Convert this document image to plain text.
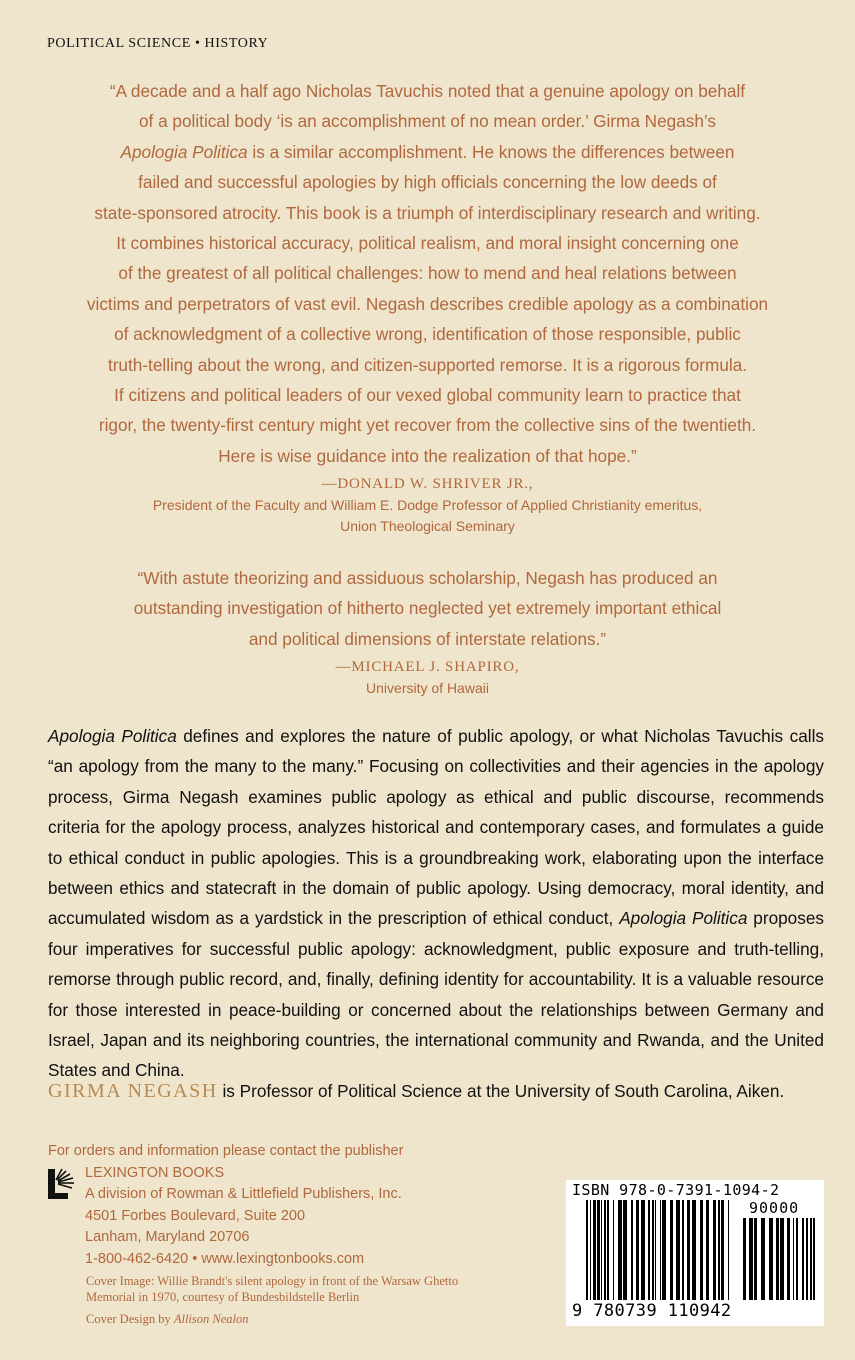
POLITICAL SCIENCE • HISTORY
“A decade and a half ago Nicholas Tavuchis noted that a genuine apology on behalf
of a political body ‘is an accomplishment of no mean order.’ Girma Negash’s
Apologia Politica is a similar accomplishment. He knows the differences between
failed and successful apologies by high officials concerning the low deeds of
state-sponsored atrocity. This book is a triumph of interdisciplinary research and writing.
It combines historical accuracy, political realism, and moral insight concerning one
of the greatest of all political challenges: how to mend and heal relations between
victims and perpetrators of vast evil. Negash describes credible apology as a combination
of acknowledgment of a collective wrong, identification of those responsible, public
truth-telling about the wrong, and citizen-supported remorse. It is a rigorous formula.
If citizens and political leaders of our vexed global community learn to practice that
rigor, the twenty-first century might yet recover from the collective sins of the twentieth.
Here is wise guidance into the realization of that hope.”
—DONALD W. SHRIVER JR.,
President of the Faculty and William E. Dodge Professor of Applied Christianity emeritus,
Union Theological Seminary
“With astute theorizing and assiduous scholarship, Negash has produced an
outstanding investigation of hitherto neglected yet extremely important ethical
and political dimensions of interstate relations.”
—MICHAEL J. SHAPIRO,
University of Hawaii
Apologia Politica defines and explores the nature of public apology, or what Nicholas Tavuchis calls “an apology from the many to the many.” Focusing on collectivities and their agencies in the apology process, Girma Negash examines public apology as ethical and public discourse, recommends criteria for the apology process, analyzes historical and contemporary cases, and formulates a guide to ethical conduct in public apologies. This is a groundbreaking work, elaborating upon the interface between ethics and statecraft in the domain of public apology. Using democracy, moral identity, and accumulated wisdom as a yardstick in the prescription of ethical conduct, Apologia Politica proposes four imperatives for successful public apology: acknowledgment, public exposure and truth-telling, remorse through public record, and, finally, defining identity for accountability. It is a valuable resource for those interested in peace-building or concerned about the relationships between Germany and Israel, Japan and its neighboring countries, the international community and Rwanda, and the United States and China.
GIRMA NEGASH is Professor of Political Science at the University of South Carolina, Aiken.
For orders and information please contact the publisher
LEXINGTON BOOKS
A division of Rowman & Littlefield Publishers, Inc.
4501 Forbes Boulevard, Suite 200
Lanham, Maryland 20706
1-800-462-6420 • www.lexingtonbooks.com
Cover Image: Willie Brandt's silent apology in front of the Warsaw Ghetto
Memorial in 1970, courtesy of Bundesbildstelle Berlin
Cover Design by Allison Nealon
ISBN 978-0-7391-1094-2
90000
9 780739 110942
